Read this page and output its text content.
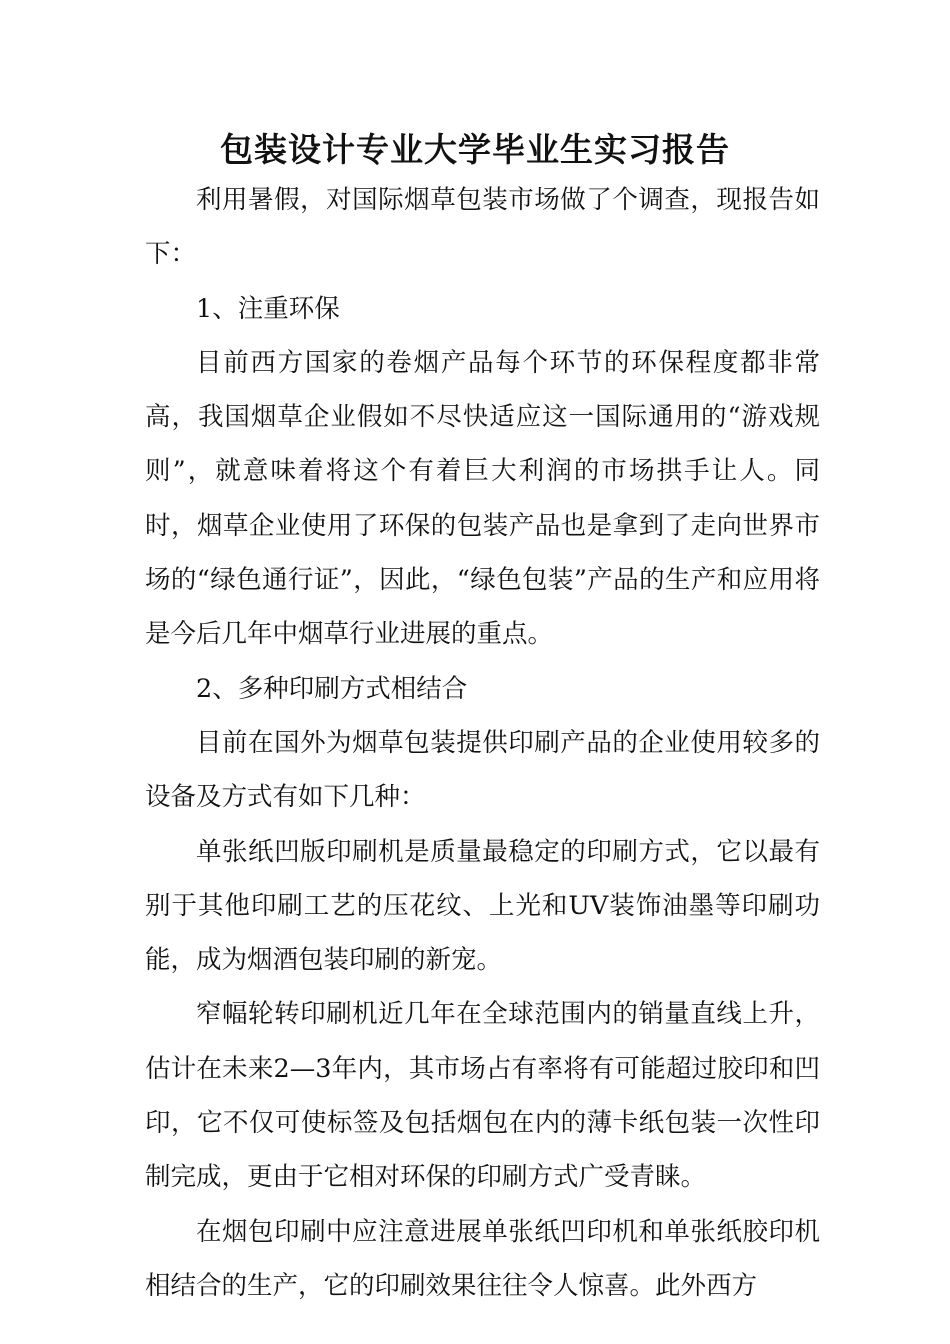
包装设计专业大学毕业生实习报告

利用暑假，对国际烟草包装市场做了个调查，现报告如下：

1、注重环保

目前西方国家的卷烟产品每个环节的环保程度都非常高，我国烟草企业假如不尽快适应这一国际通用的“游戏规则”，就意味着将这个有着巨大利润的市场拱手让人。同时，烟草企业使用了环保的包装产品也是拿到了走向世界市场的“绿色通行证”，因此，“绿色包装”产品的生产和应用将是今后几年中烟草行业进展的重点。

2、多种印刷方式相结合

目前在国外为烟草包装提供印刷产品的企业使用较多的设备及方式有如下几种：

单张纸凹版印刷机是质量最稳定的印刷方式，它以最有别于其他印刷工艺的压花纹、上光和UV装饰油墨等印刷功能，成为烟酒包装印刷的新宠。

窄幅轮转印刷机近几年在全球范围内的销量直线上升，估计在未来2—3年内，其市场占有率将有可能超过胶印和凹印，它不仅可使标签及包括烟包在内的薄卡纸包装一次性印制完成，更由于它相对环保的印刷方式广受青睐。

在烟包印刷中应注意进展单张纸凹印机和单张纸胶印机相结合的生产，它的印刷效果往往令人惊喜。此外西方
